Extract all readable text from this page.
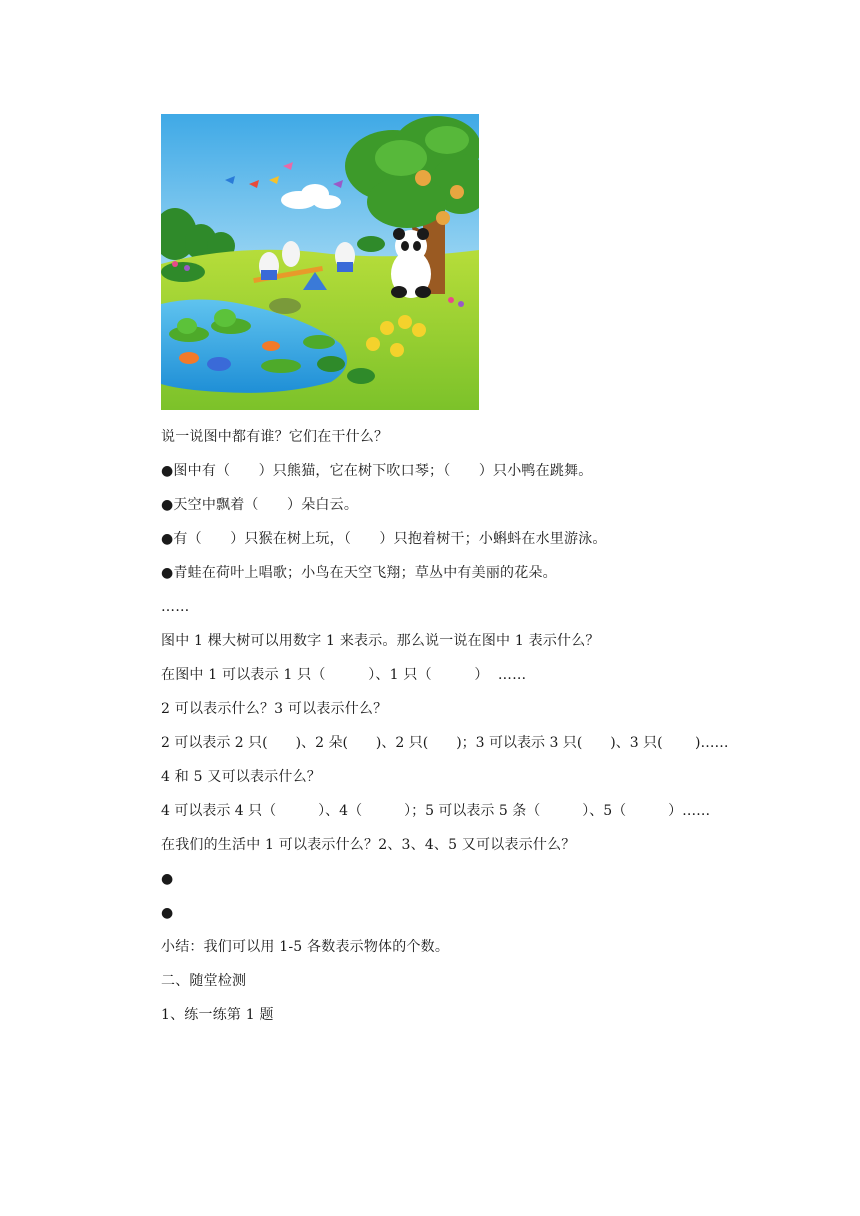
说一说图中都有谁？它们在干什么？
●图中有（　　）只熊猫，它在树下吹口琴；（　　）只小鸭在跳舞。
●天空中飘着（　　）朵白云。
●有（　　）只猴在树上玩，（　　）只抱着树干；小蝌蚪在水里游泳。
●青蛙在荷叶上唱歌；小鸟在天空飞翔；草丛中有美丽的花朵。
……
图中 1 棵大树可以用数字 1 来表示。那么说一说在图中 1 表示什么？
在图中 1 可以表示 1 只（　　　）、1 只（　　　）  ……
2 可以表示什么？3 可以表示什么？
2 可以表示 2 只(　　)、2 朵(　　)、2 只(　　)；3 可以表示 3 只(　　)、3 只(　　 )……
4 和 5 又可以表示什么？
4 可以表示 4 只（　　　）、4（　　　）；5 可以表示 5 条（　　　）、5（　　　）……
在我们的生活中 1 可以表示什么？2、3、4、5 又可以表示什么？
●
●
小结：我们可以用 1-5 各数表示物体的个数。
二、随堂检测
1、练一练第 1 题
